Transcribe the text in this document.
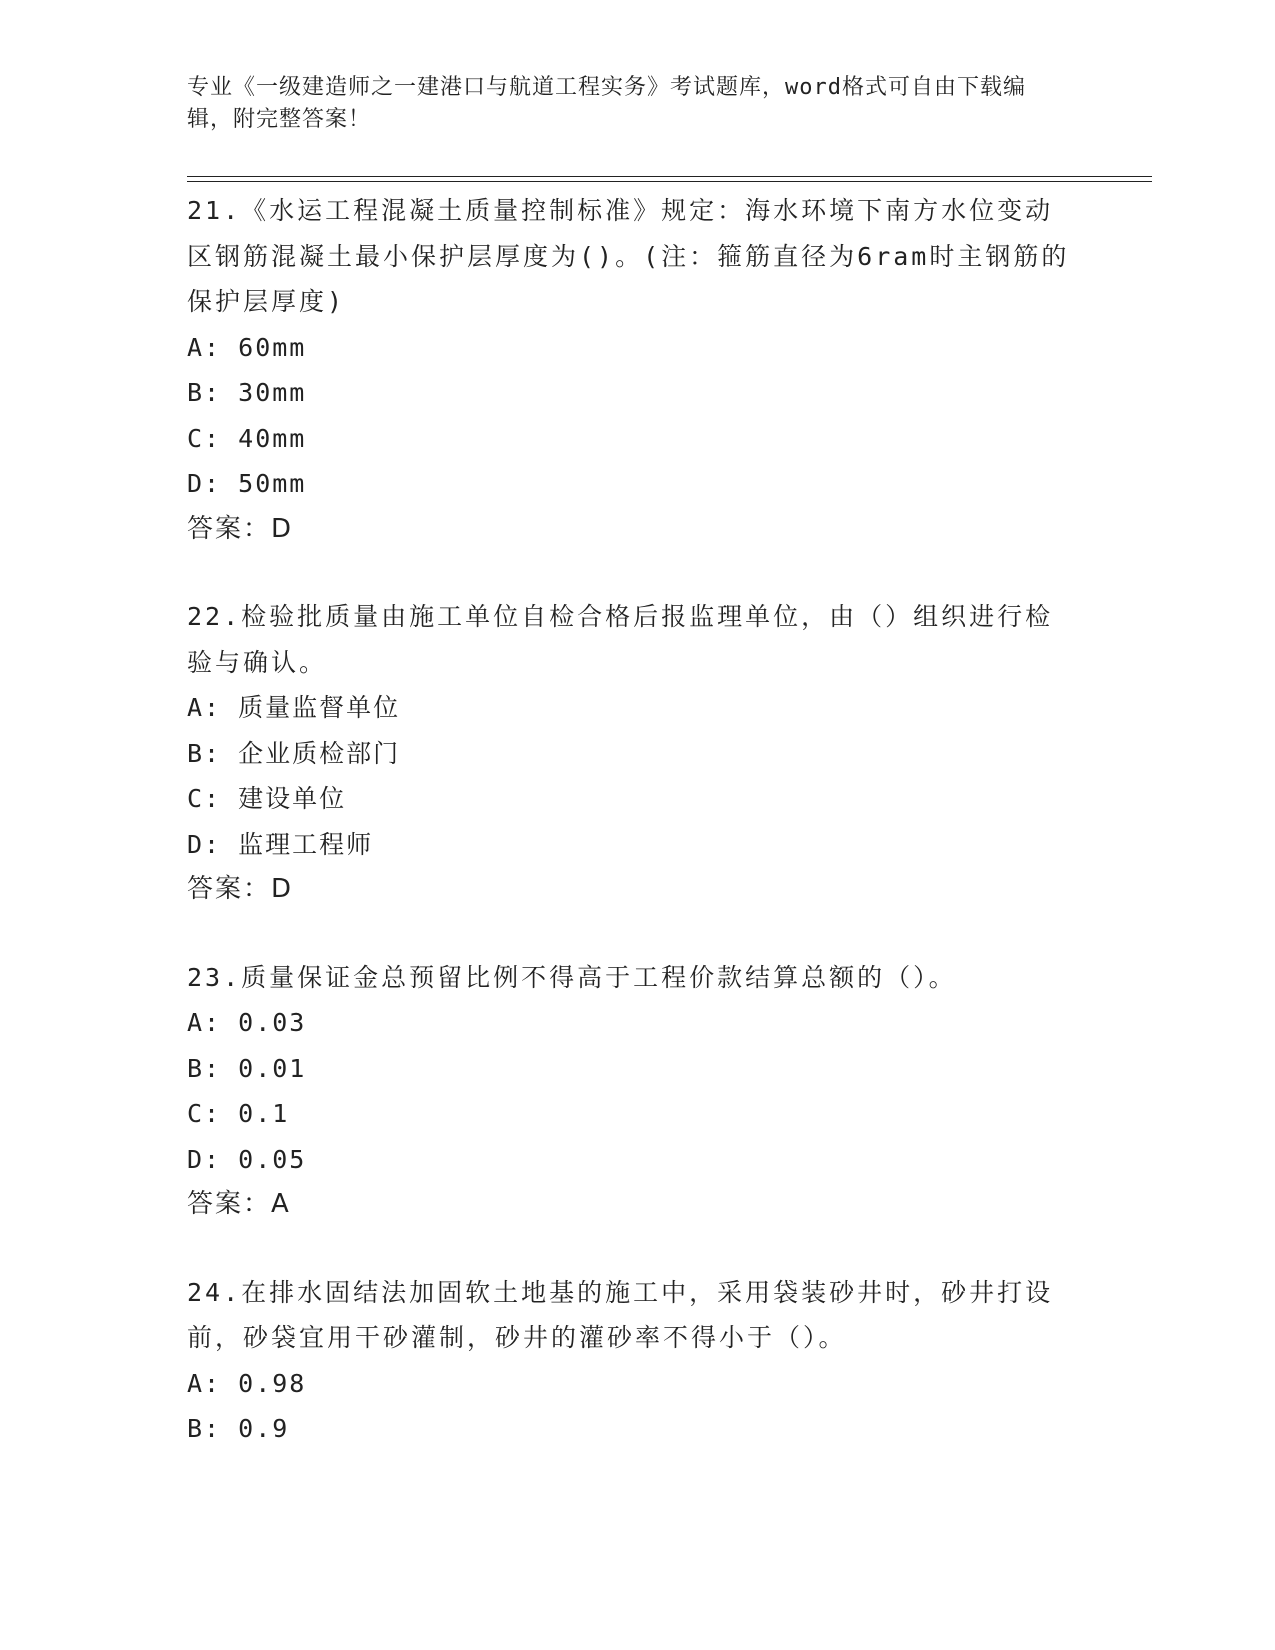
专业《一级建造师之一建港口与航道工程实务》考试题库，word格式可自由下载编辑，附完整答案！

21.《水运工程混凝土质量控制标准》规定：海水环境下南方水位变动区钢筋混凝土最小保护层厚度为()。(注：箍筋直径为6ram时主钢筋的保护层厚度)

A: 60mm

B: 30mm

C: 40mm

D: 50mm

答案：D

22.检验批质量由施工单位自检合格后报监理单位，由（）组织进行检验与确认。

A: 质量监督单位

B: 企业质检部门

C: 建设单位

D: 监理工程师

答案：D

23.质量保证金总预留比例不得高于工程价款结算总额的（）。

A: 0.03

B: 0.01

C: 0.1

D: 0.05

答案：A

24.在排水固结法加固软土地基的施工中，采用袋装砂井时，砂井打设前，砂袋宜用干砂灌制，砂井的灌砂率不得小于（）。

A: 0.98

B: 0.9
